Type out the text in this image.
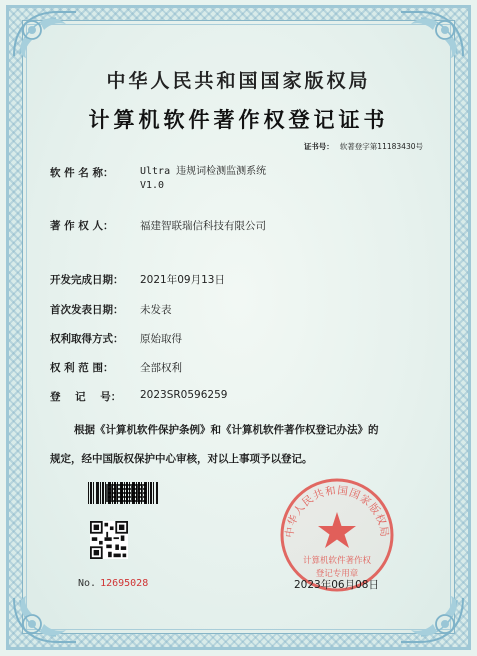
中华人民共和国国家版权局
计算机软件著作权登记证书
证书号： 软著登字第11183430号
软 件 名 称：	Ultra 违规词检测监测系统
V1.0
著 作 权 人：	福建智联瑞信科技有限公司
开发完成日期：	2021年09月13日
首次发表日期：	未发表
权利取得方式：	原始取得
权 利 范 围：	全部权利
登    记    号：	2023SR0596259
根据《计算机软件保护条例》和《计算机软件著作权登记办法》的
规定，经中国版权保护中心审核，对以上事项予以登记。
No. 12695028
中华人民共和国国家版权局
计算机软件著作权
登记专用章
2023年06月08日
